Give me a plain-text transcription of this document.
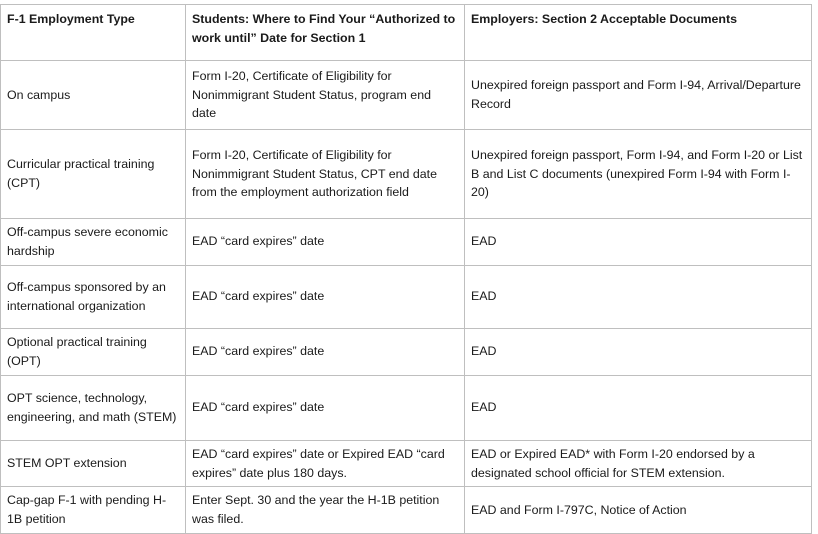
F-1 Employment Type	Students: Where to Find Your “Authorized to work until” Date for Section 1	Employers: Section 2 Acceptable Documents

On campus	Form I-20, Certificate of Eligibility for Nonimmigrant Student Status, program end date	Unexpired foreign passport and Form I-94, Arrival/Departure Record

Curricular practical training (CPT)	Form I-20, Certificate of Eligibility for Nonimmigrant Student Status, CPT end date from the employment authorization field	Unexpired foreign passport, Form I-94, and Form I-20 or List B and List C documents (unexpired Form I-94 with Form I-20)

Off-campus severe economic hardship	EAD “card expires” date	EAD

Off-campus sponsored by an international organization	EAD “card expires” date	EAD

Optional practical training (OPT)	EAD “card expires” date	EAD

OPT science, technology, engineering, and math (STEM)	EAD “card expires” date	EAD

STEM OPT extension	EAD “card expires” date or Expired EAD “card expires” date plus 180 days.	EAD or Expired EAD* with Form I-20 endorsed by a designated school official for STEM extension.

Cap-gap F-1 with pending H-1B petition	Enter Sept. 30 and the year the H-1B petition was filed.	EAD and Form I-797C, Notice of Action
